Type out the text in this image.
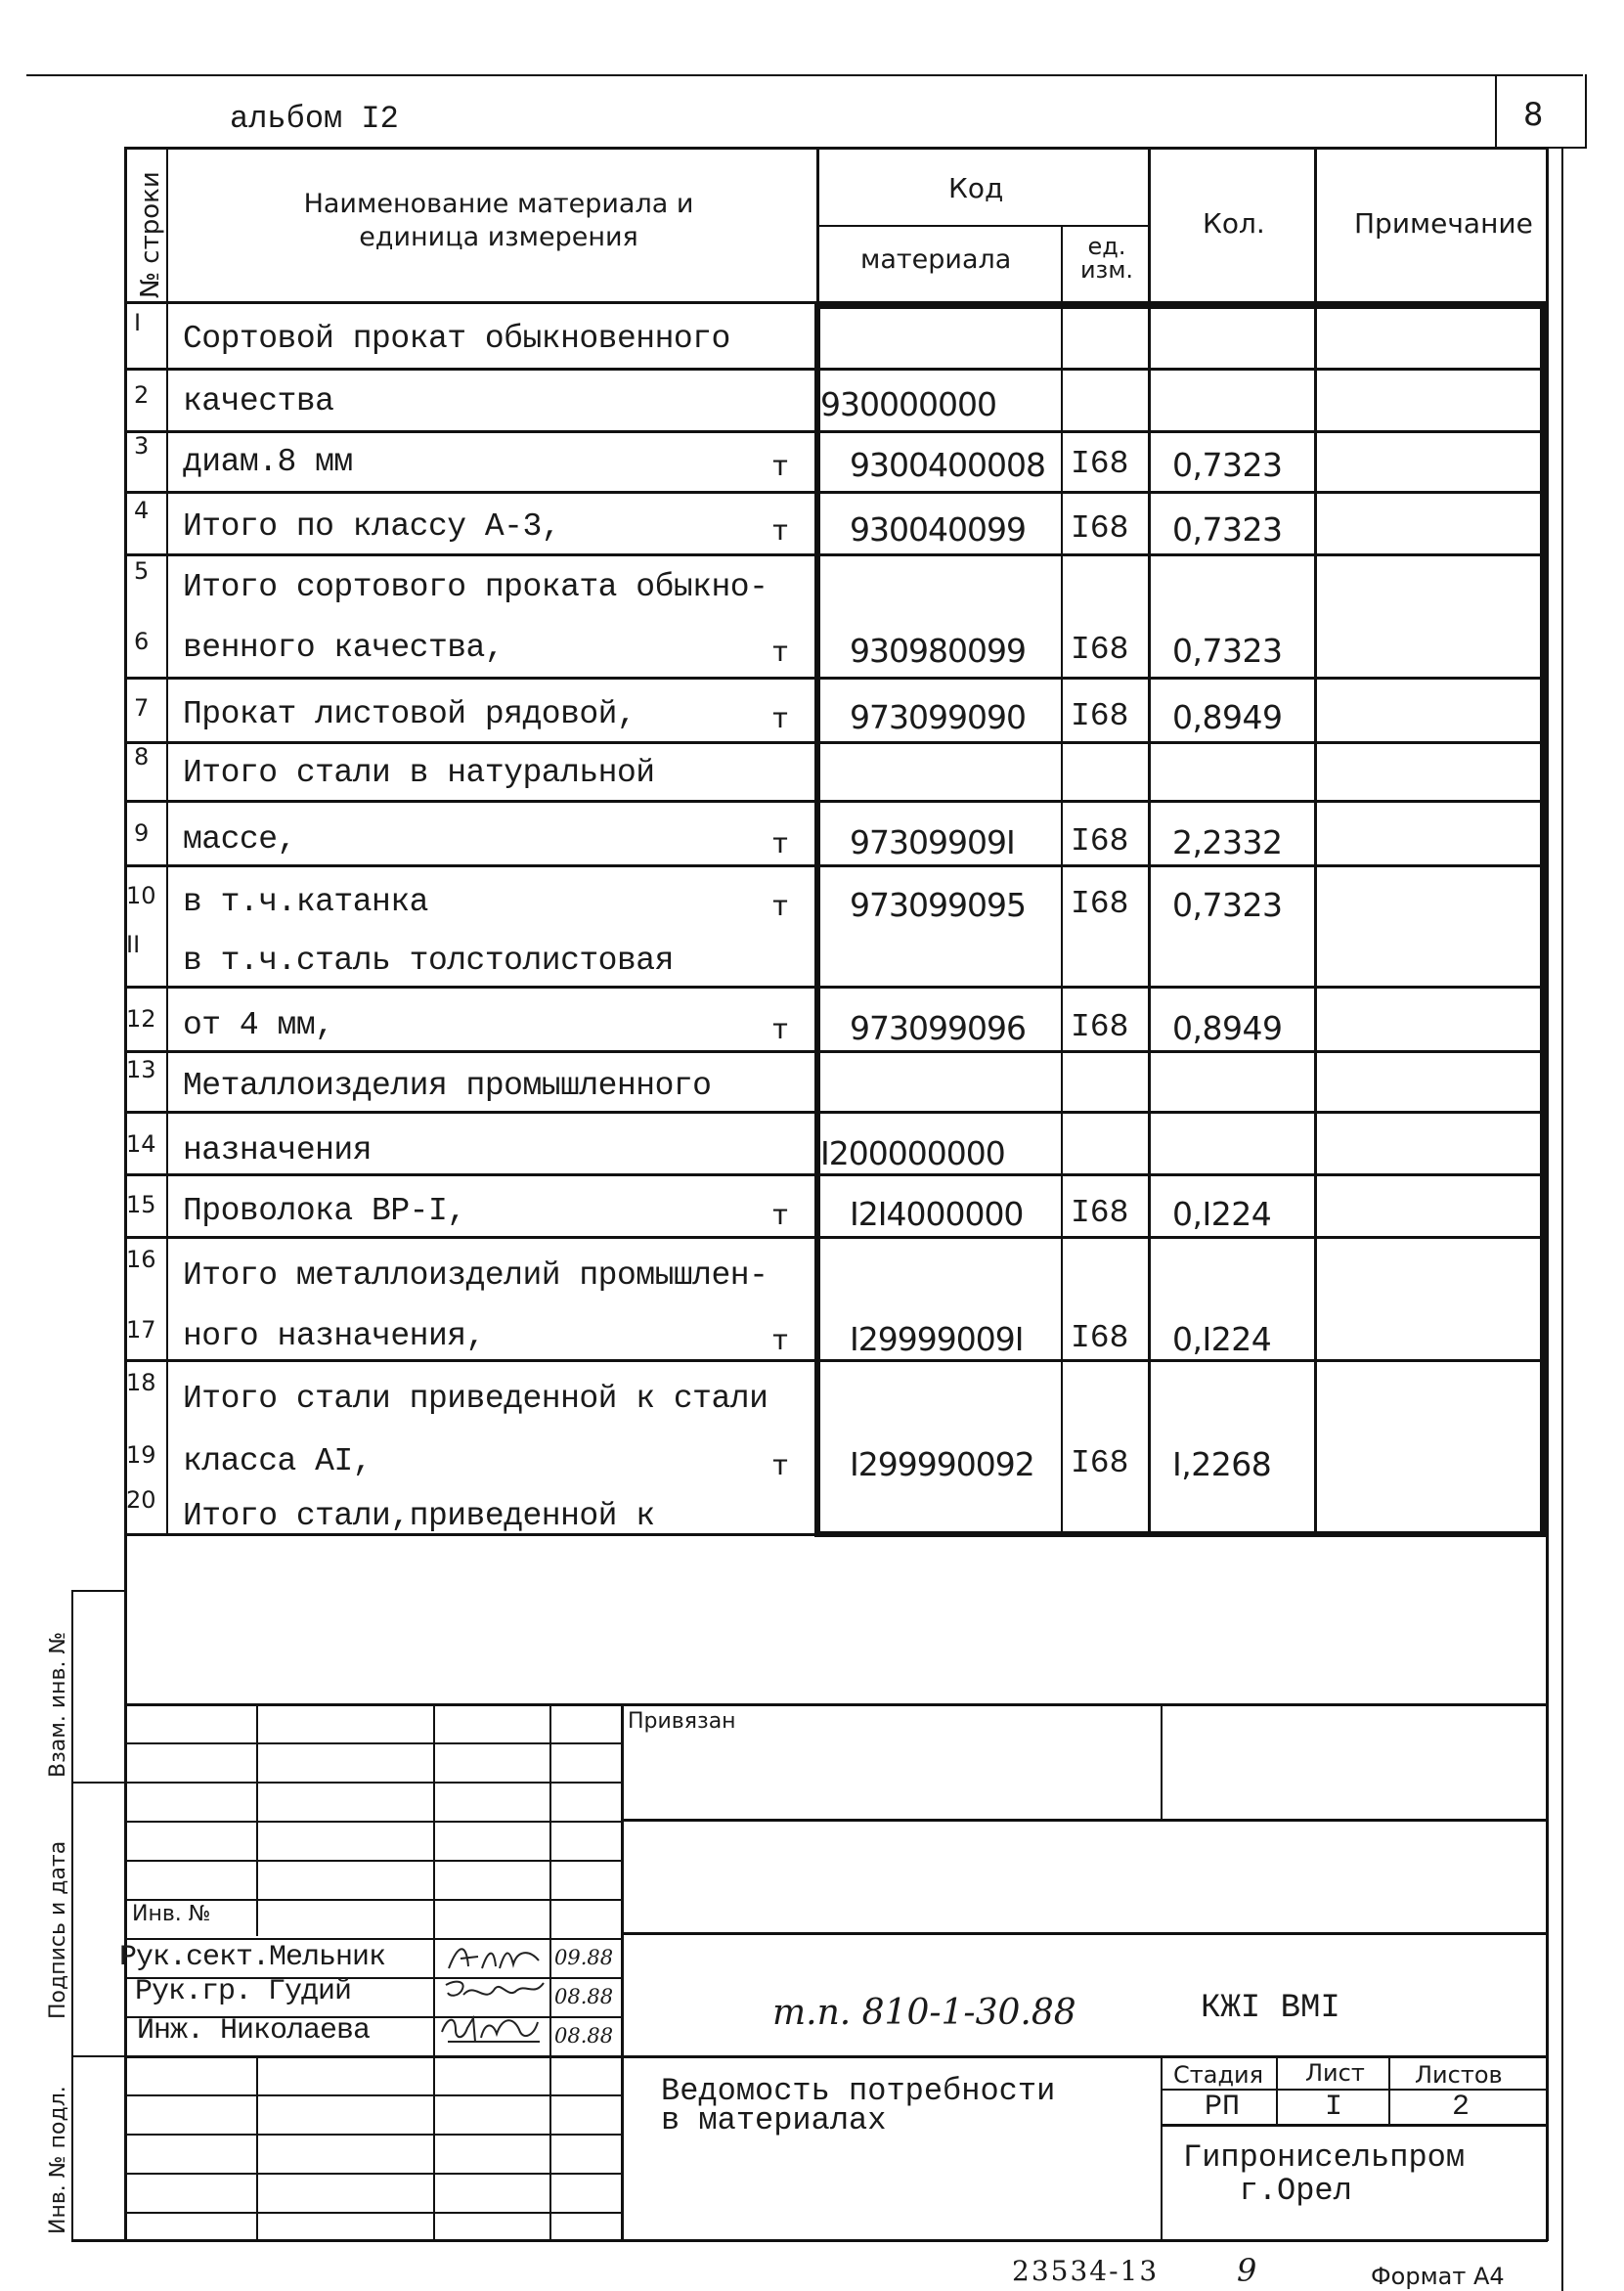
альбом I2	8
№ строки	Наименование материала и
единица измерения
Код
материала	ед.
изм.
Кол.	Примечание
I Сортовой прокат обыкновенного
2 качества	930000000
3 диам.8 мм	т 9300400008 I68 0,7323
4 Итого по классу А-3,	т 930040099 I68 0,7323
5 Итого сортового проката обыкно-
6 венного качества,	т 930980099 I68 0,7323
7 Прокат листовой рядовой,	т 973099090 I68 0,8949
8 Итого стали в натуральной
9 массе,	т 97309909I I68 2,2332
10 в т.ч.катанка	т 973099095 I68 0,7323
II в т.ч.сталь толстолистовая
12 от 4 мм,	т 973099096 I68 0,8949
13 Металлоизделия промышленного
14 назначения	I200000000
15 Проволока ВР-I,	т I2I4000000 I68 0,I224
16 Итого металлоизделий промышлен-
17 ного назначения,	т I29999009I I68 0,I224
18 Итого стали приведенной к стали
19 класса АI,	т I299990092 I68 I,2268
20 Итого стали,приведенной к
Взам. инв. №
Подпись и дата
Инв. № подл.
Привязан
Инв. №
Рук.сект.Мельник
Рук.гр. Гудий
Инж. Николаева
09.88
08.88
08.88
т.п. 810-1-30.88	КЖI ВМI
Ведомость потребности
в материалах
Стадия Лист Листов
РП	I	2
Гипронисельпром
г.Орел
23534-13 9	Формат А4
